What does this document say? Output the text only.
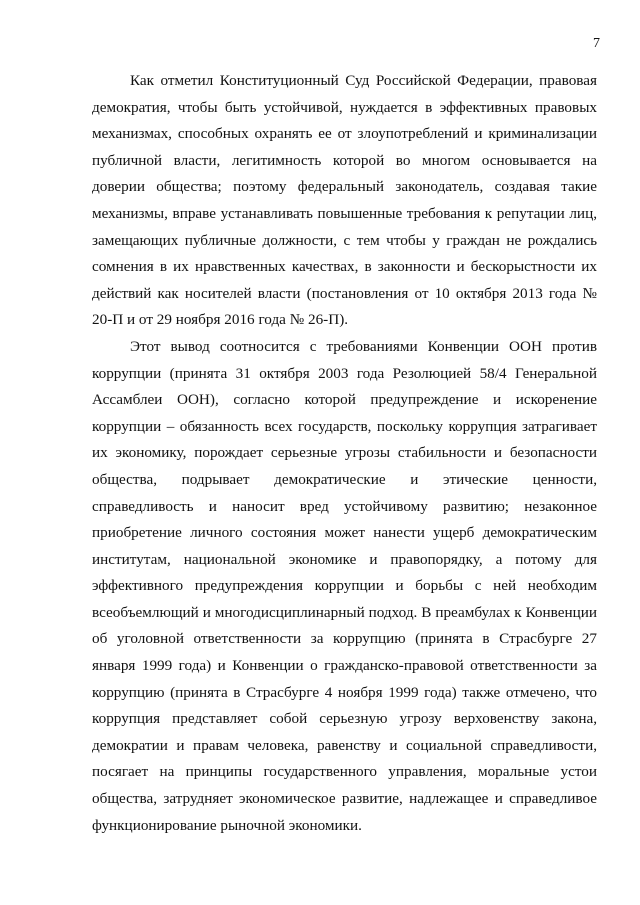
7

Как отметил Конституционный Суд Российской Федерации, правовая демократия, чтобы быть устойчивой, нуждается в эффективных правовых механизмах, способных охранять ее от злоупотреблений и криминализации публичной власти, легитимность которой во многом основывается на доверии общества; поэтому федеральный законодатель, создавая такие механизмы, вправе устанавливать повышенные требования к репутации лиц, замещающих публичные должности, с тем чтобы у граждан не рождались сомнения в их нравственных качествах, в законности и бескорыстности их действий как носителей власти (постановления от 10 октября 2013 года № 20-П и от 29 ноября 2016 года № 26-П).

Этот вывод соотносится с требованиями Конвенции ООН против коррупции (принята 31 октября 2003 года Резолюцией 58/4 Генеральной Ассамблеи ООН), согласно которой предупреждение и искоренение коррупции – обязанность всех государств, поскольку коррупция затрагивает их экономику, порождает серьезные угрозы стабильности и безопасности общества, подрывает демократические и этические ценности, справедливость и наносит вред устойчивому развитию; незаконное приобретение личного состояния может нанести ущерб демократическим институтам, национальной экономике и правопорядку, а потому для эффективного предупреждения коррупции и борьбы с ней необходим всеобъемлющий и многодисциплинарный подход. В преамбулах к Конвенции об уголовной ответственности за коррупцию (принята в Страсбурге 27 января 1999 года) и Конвенции о гражданско-правовой ответственности за коррупцию (принята в Страсбурге 4 ноября 1999 года) также отмечено, что коррупция представляет собой серьезную угрозу верховенству закона, демократии и правам человека, равенству и социальной справедливости, посягает на принципы государственного управления, моральные устои общества, затрудняет экономическое развитие, надлежащее и справедливое функционирование рыночной экономики.
